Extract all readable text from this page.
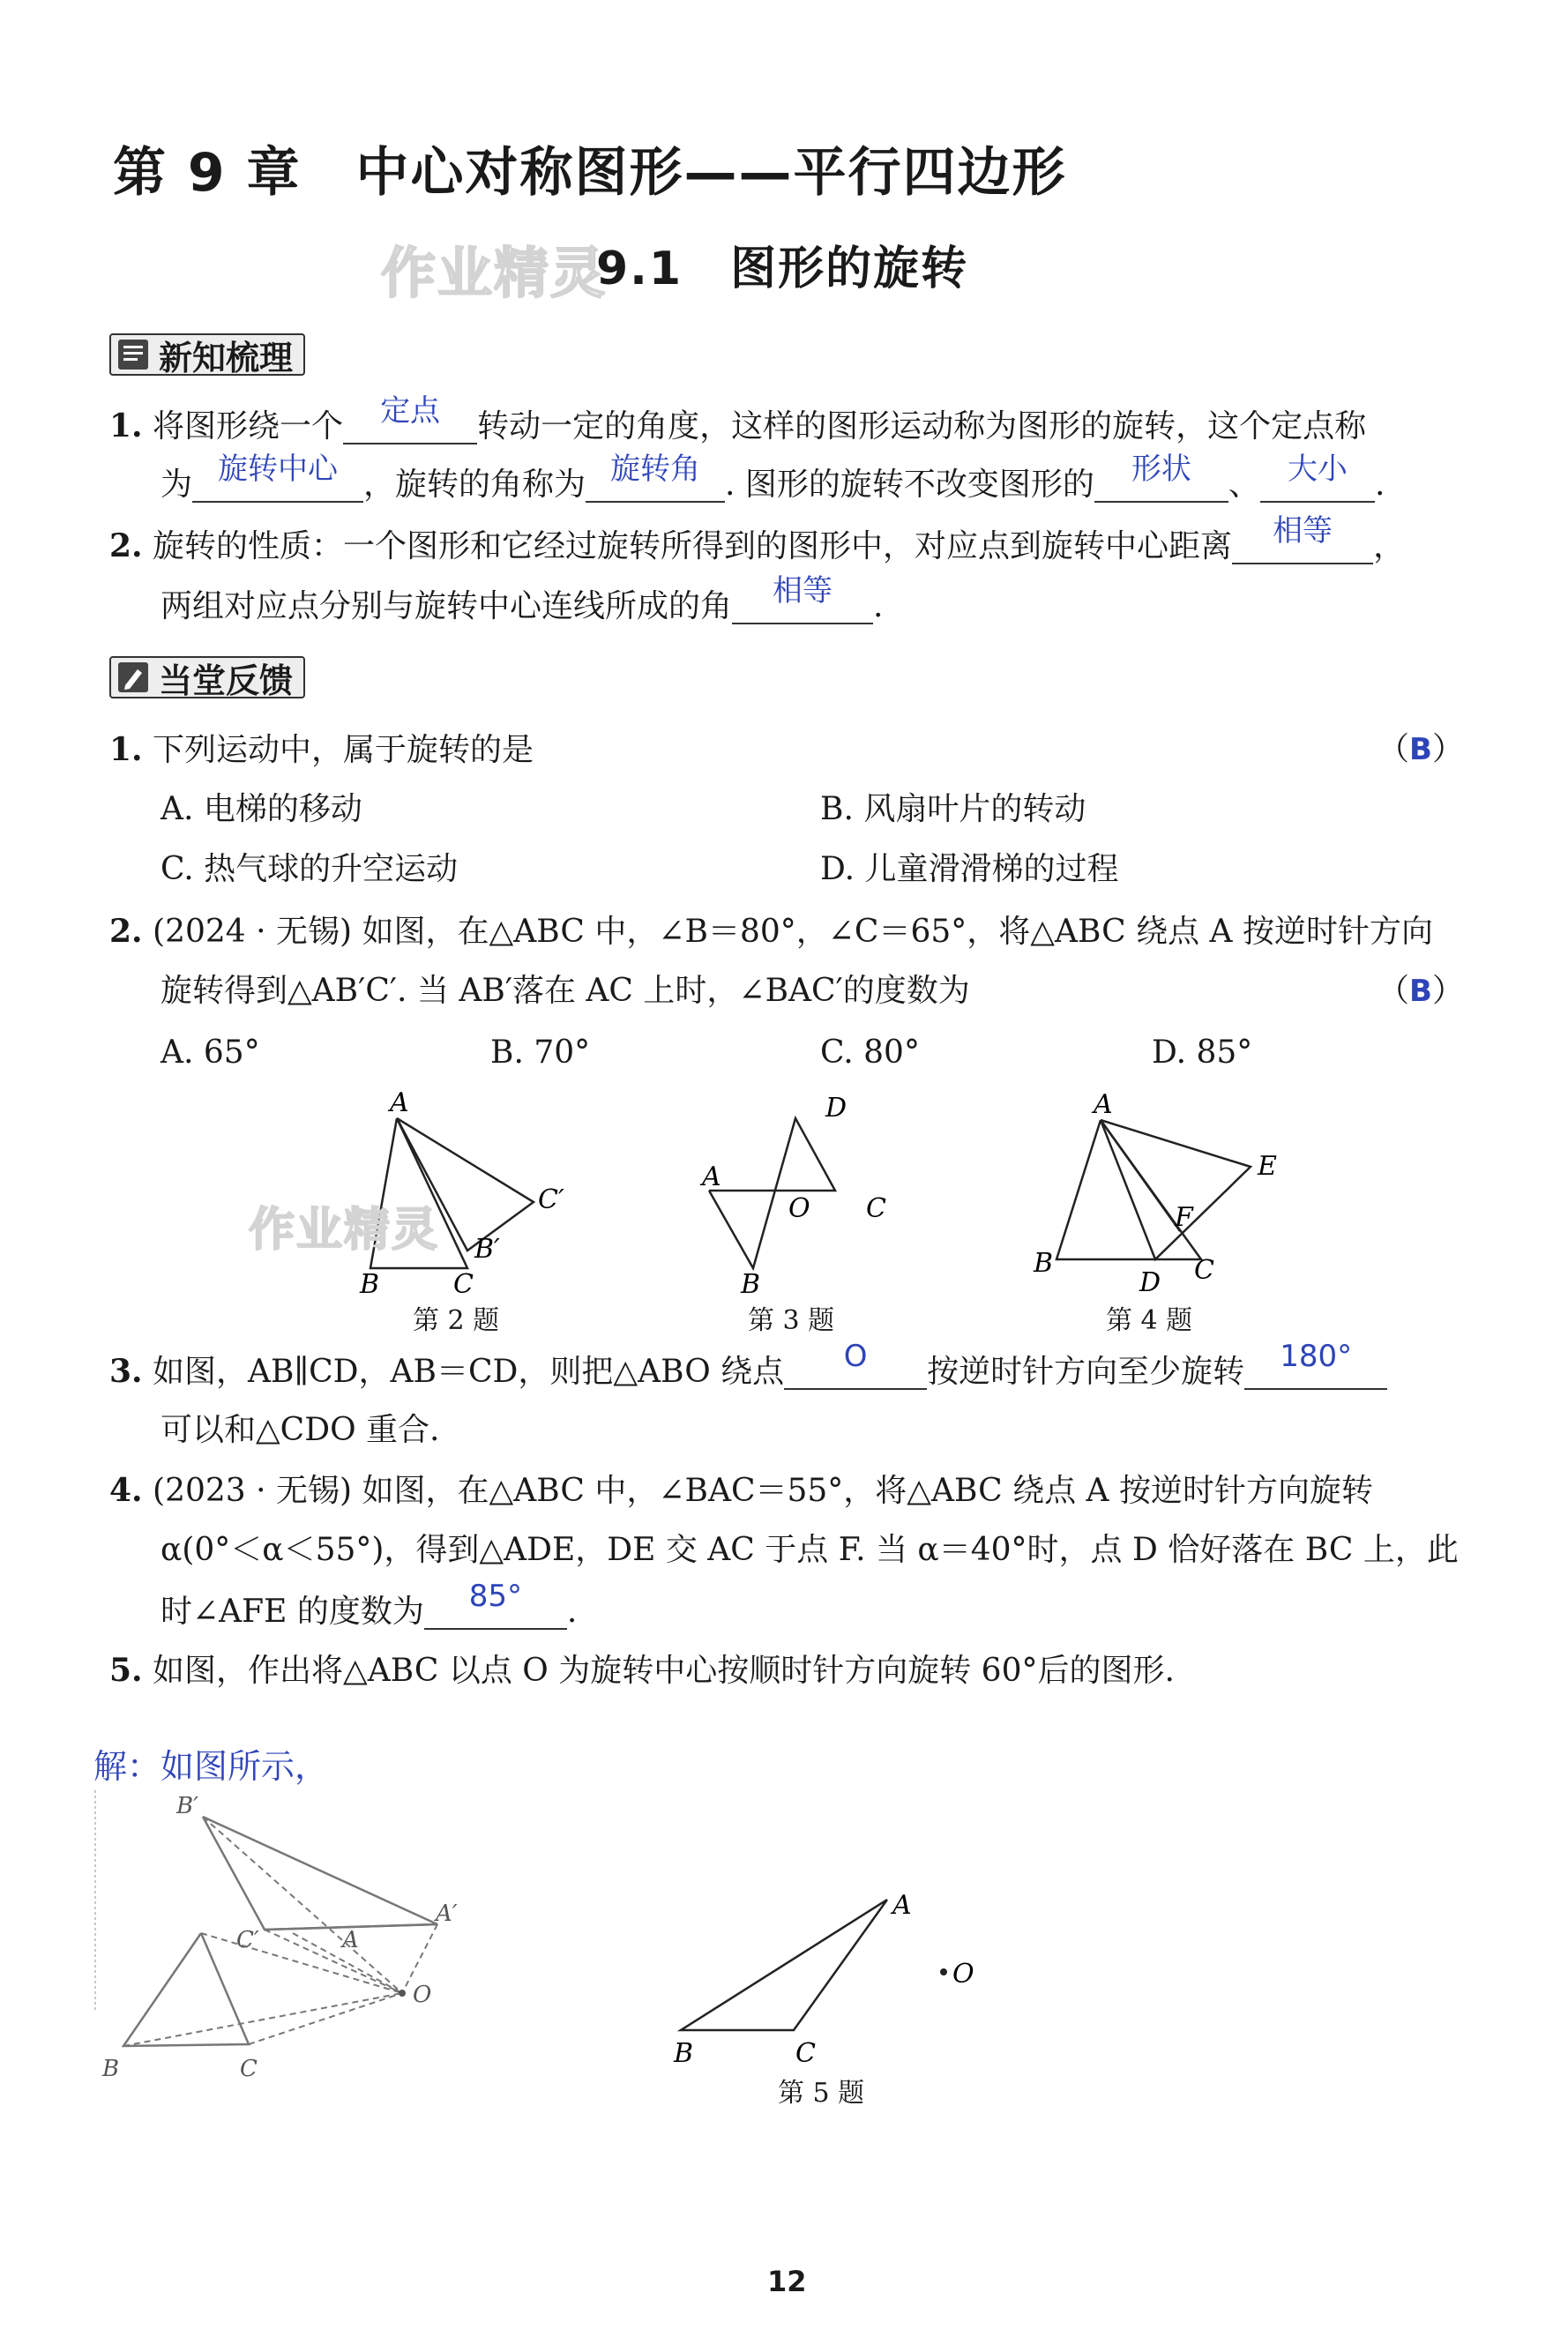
第 9 章　中心对称图形——平行四边形
作业精灵
9.1　图形的旋转
新知梳理
1. 将图形绕一个 定点 转动一定的角度，这样的图形运动称为图形的旋转，这个定点称
为 旋转中心 ，旋转的角称为 旋转角 . 图形的旋转不改变图形的 形状 、 大小 .
2. 旋转的性质：一个图形和它经过旋转所得到的图形中，对应点到旋转中心距离 相等 ，
两组对应点分别与旋转中心连线所成的角 相等 .
当堂反馈
1. 下列运动中，属于旋转的是	（B）
A. 电梯的移动	B. 风扇叶片的转动
C. 热气球的升空运动	D. 儿童滑滑梯的过程
2. (2024 · 无锡) 如图，在△ABC 中，∠B＝80°，∠C＝65°，将△ABC 绕点 A 按逆时针方向
旋转得到△AB′C′. 当 AB′落在 AC 上时，∠BAC′的度数为	（B）
A. 65°	B. 70°	C. 80°	D. 85°
A
C′
B′
B	C
作业精灵
第 2 题
D
A
O C
B
第 3 题
A
E
F
B
D C
第 4 题
3. 如图，AB∥CD，AB＝CD，则把△ABO 绕点 O 按逆时针方向至少旋转 180°
可以和△CDO 重合.
4. (2023 · 无锡) 如图，在△ABC 中，∠BAC＝55°，将△ABC 绕点 A 按逆时针方向旋转
α(0°＜α＜55°)，得到△ADE，DE 交 AC 于点 F. 当 α＝40°时，点 D 恰好落在 BC 上，此
时∠AFE 的度数为 85° .
5. 如图，作出将△ABC 以点 O 为旋转中心按顺时针方向旋转 60°后的图形.
解：如图所示，
B′
C′
A′
A
O
B	C
A
O
B	C
第 5 题
12
